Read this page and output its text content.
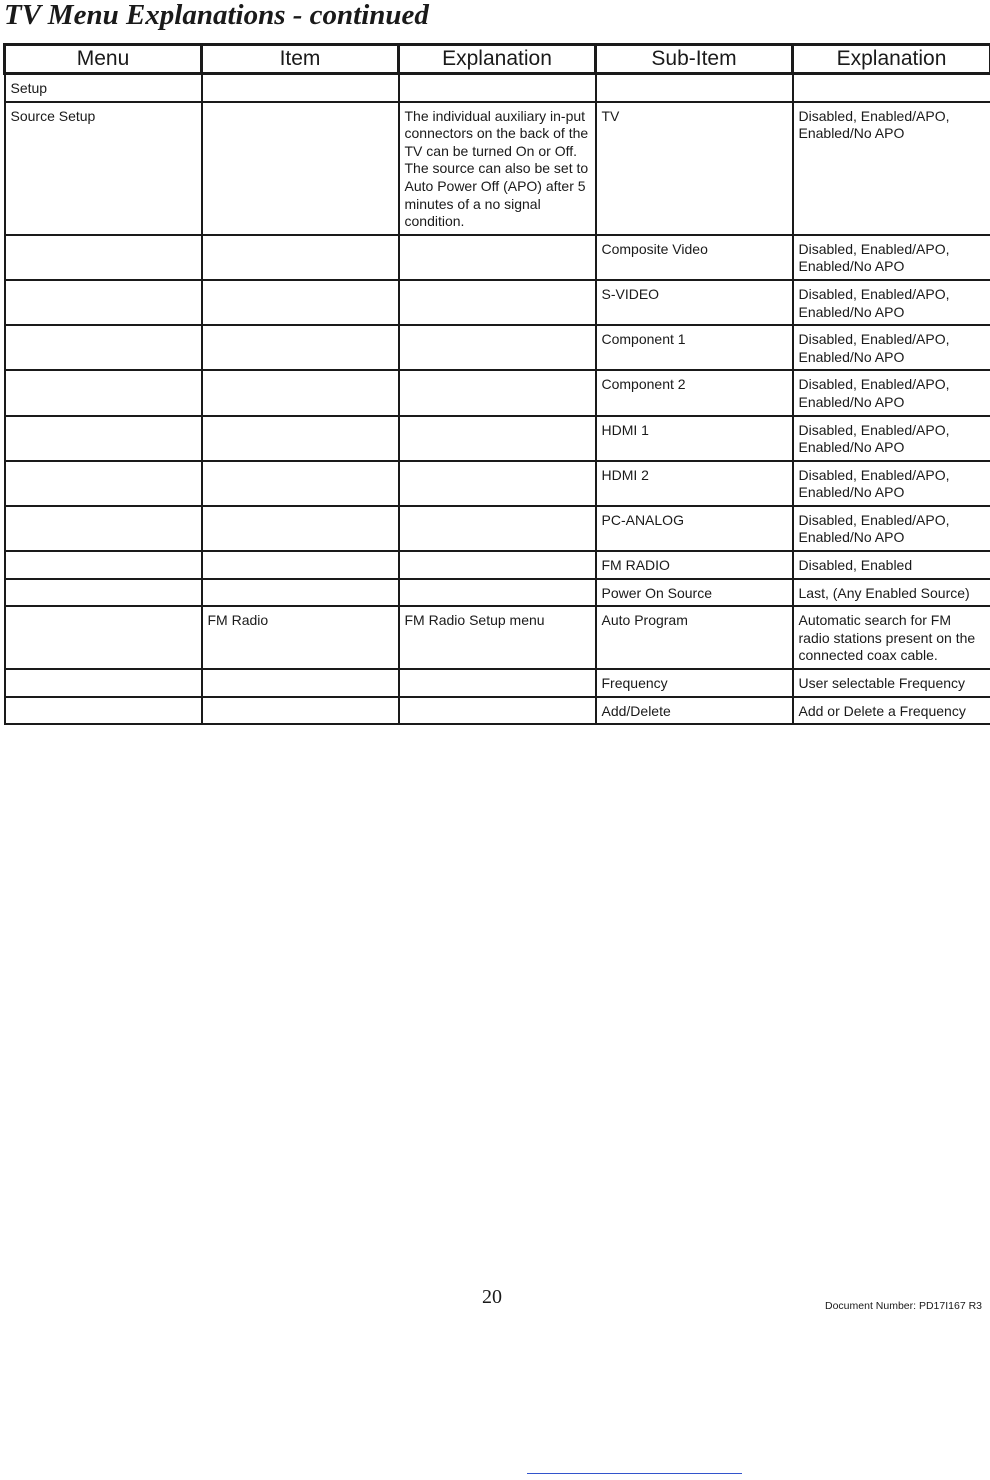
TV Menu Explanations - continued
Menu	Item	Explanation	Sub-Item	Explanation
Setup				
Source Setup		The individual auxiliary in-put connectors on the back of the TV can be turned On or Off. The source can also be set to Auto Power Off (APO) after 5 minutes of a no signal condition.	TV	Disabled, Enabled/APO, Enabled/No APO
			Composite Video	Disabled, Enabled/APO, Enabled/No APO
			S-VIDEO	Disabled, Enabled/APO, Enabled/No APO
			Component 1	Disabled, Enabled/APO, Enabled/No APO
			Component 2	Disabled, Enabled/APO, Enabled/No APO
			HDMI 1	Disabled, Enabled/APO, Enabled/No APO
			HDMI 2	Disabled, Enabled/APO, Enabled/No APO
			PC-ANALOG	Disabled, Enabled/APO, Enabled/No APO
			FM RADIO	Disabled, Enabled
			Power On Source	Last, (Any Enabled Source)
	FM Radio	FM Radio Setup menu	Auto Program	Automatic search for FM radio stations present on the connected coax cable.
			Frequency	User selectable Frequency
			Add/Delete	Add or Delete a Frequency
20	Document Number: PD17I167 R3
